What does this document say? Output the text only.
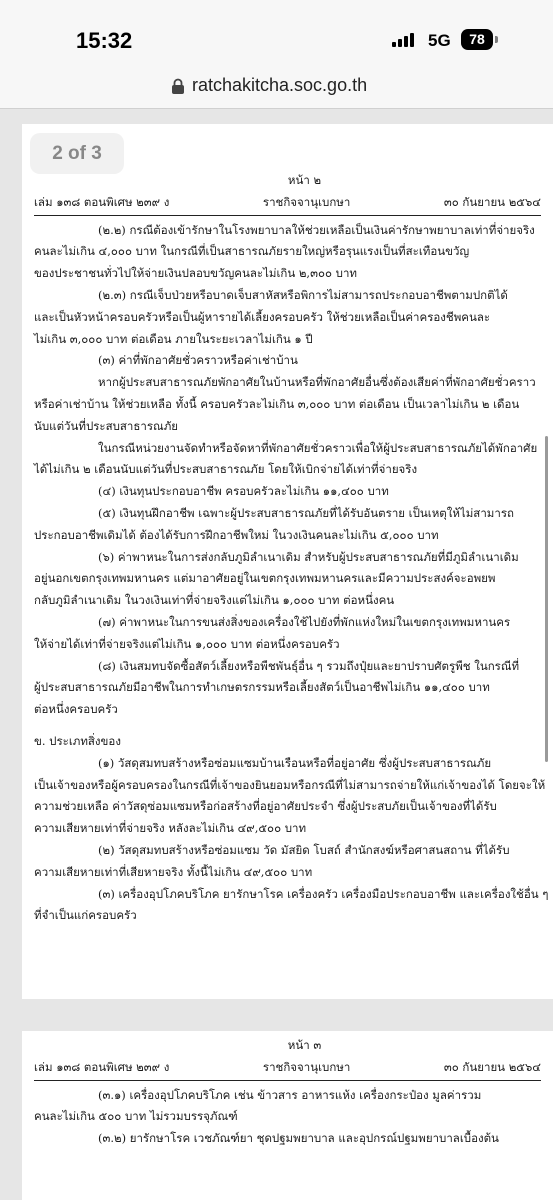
15:32	5G	78
ratchakitcha.soc.go.th
2 of 3
หน้า ๒
เล่ม ๑๓๘ ตอนพิเศษ ๒๓๙ ง	ราชกิจจานุเบกษา	๓๐ กันยายน ๒๕๖๔
(๒.๒) กรณีต้องเข้ารักษาในโรงพยาบาลให้ช่วยเหลือเป็นเงินค่ารักษาพยาบาลเท่าที่จ่ายจริง
คนละไม่เกิน ๔,๐๐๐ บาท ในกรณีที่เป็นสาธารณภัยรายใหญ่หรือรุนแรงเป็นที่สะเทือนขวัญ
ของประชาชนทั่วไปให้จ่ายเงินปลอบขวัญคนละไม่เกิน ๒,๓๐๐ บาท
(๒.๓) กรณีเจ็บป่วยหรือบาดเจ็บสาหัสหรือพิการไม่สามารถประกอบอาชีพตามปกติได้
และเป็นหัวหน้าครอบครัวหรือเป็นผู้หารายได้เลี้ยงครอบครัว ให้ช่วยเหลือเป็นค่าครองชีพคนละ
ไม่เกิน ๓,๐๐๐ บาท ต่อเดือน ภายในระยะเวลาไม่เกิน ๑ ปี
(๓) ค่าที่พักอาศัยชั่วคราวหรือค่าเช่าบ้าน
หากผู้ประสบสาธารณภัยพักอาศัยในบ้านหรือที่พักอาศัยอื่นซึ่งต้องเสียค่าที่พักอาศัยชั่วคราว
หรือค่าเช่าบ้าน ให้ช่วยเหลือ ทั้งนี้ ครอบครัวละไม่เกิน ๓,๐๐๐ บาท ต่อเดือน เป็นเวลาไม่เกิน ๒ เดือน
นับแต่วันที่ประสบสาธารณภัย
ในกรณีหน่วยงานจัดทำหรือจัดหาที่พักอาศัยชั่วคราวเพื่อให้ผู้ประสบสาธารณภัยได้พักอาศัย
ได้ไม่เกิน ๒ เดือนนับแต่วันที่ประสบสาธารณภัย โดยให้เบิกจ่ายได้เท่าที่จ่ายจริง
(๔) เงินทุนประกอบอาชีพ ครอบครัวละไม่เกิน ๑๑,๔๐๐ บาท
(๕) เงินทุนฝึกอาชีพ เฉพาะผู้ประสบสาธารณภัยที่ได้รับอันตราย เป็นเหตุให้ไม่สามารถ
ประกอบอาชีพเดิมได้ ต้องได้รับการฝึกอาชีพใหม่ ในวงเงินคนละไม่เกิน ๕,๐๐๐ บาท
(๖) ค่าพาหนะในการส่งกลับภูมิลำเนาเดิม สำหรับผู้ประสบสาธารณภัยที่มีภูมิลำเนาเดิม
อยู่นอกเขตกรุงเทพมหานคร แต่มาอาศัยอยู่ในเขตกรุงเทพมหานครและมีความประสงค์จะอพยพ
กลับภูมิลำเนาเดิม ในวงเงินเท่าที่จ่ายจริงแต่ไม่เกิน ๑,๐๐๐ บาท ต่อหนึ่งคน
(๗) ค่าพาหนะในการขนส่งสิ่งของเครื่องใช้ไปยังที่พักแห่งใหม่ในเขตกรุงเทพมหานคร
ให้จ่ายได้เท่าที่จ่ายจริงแต่ไม่เกิน ๑,๐๐๐ บาท ต่อหนึ่งครอบครัว
(๘) เงินสมทบจัดซื้อสัตว์เลี้ยงหรือพืชพันธุ์อื่น ๆ รวมถึงปุ๋ยและยาปราบศัตรูพืช ในกรณีที่
ผู้ประสบสาธารณภัยมีอาชีพในการทำเกษตรกรรมหรือเลี้ยงสัตว์เป็นอาชีพไม่เกิน ๑๑,๔๐๐ บาท
ต่อหนึ่งครอบครัว
ข. ประเภทสิ่งของ
(๑) วัสดุสมทบสร้างหรือซ่อมแซมบ้านเรือนหรือที่อยู่อาศัย ซึ่งผู้ประสบสาธารณภัย
เป็นเจ้าของหรือผู้ครอบครองในกรณีที่เจ้าของยินยอมหรือกรณีที่ไม่สามารถจ่ายให้แก่เจ้าของได้ โดยจะให้
ความช่วยเหลือ ค่าวัสดุซ่อมแซมหรือก่อสร้างที่อยู่อาศัยประจำ ซึ่งผู้ประสบภัยเป็นเจ้าของที่ได้รับ
ความเสียหายเท่าที่จ่ายจริง หลังละไม่เกิน ๔๙,๕๐๐ บาท
(๒) วัสดุสมทบสร้างหรือซ่อมแซม วัด มัสยิด โบสถ์ สำนักสงฆ์หรือศาสนสถาน ที่ได้รับ
ความเสียหายเท่าที่เสียหายจริง ทั้งนี้ไม่เกิน ๔๙,๕๐๐ บาท
(๓) เครื่องอุปโภคบริโภค ยารักษาโรค เครื่องครัว เครื่องมือประกอบอาชีพ และเครื่องใช้อื่น ๆ
ที่จำเป็นแก่ครอบครัว
หน้า ๓
เล่ม ๑๓๘ ตอนพิเศษ ๒๓๙ ง	ราชกิจจานุเบกษา	๓๐ กันยายน ๒๕๖๔
(๓.๑) เครื่องอุปโภคบริโภค เช่น ข้าวสาร อาหารแห้ง เครื่องกระป๋อง มูลค่ารวม
คนละไม่เกิน ๕๐๐ บาท ไม่รวมบรรจุภัณฑ์
(๓.๒) ยารักษาโรค เวชภัณฑ์ยา ชุดปฐมพยาบาล และอุปกรณ์ปฐมพยาบาลเบื้องต้น
